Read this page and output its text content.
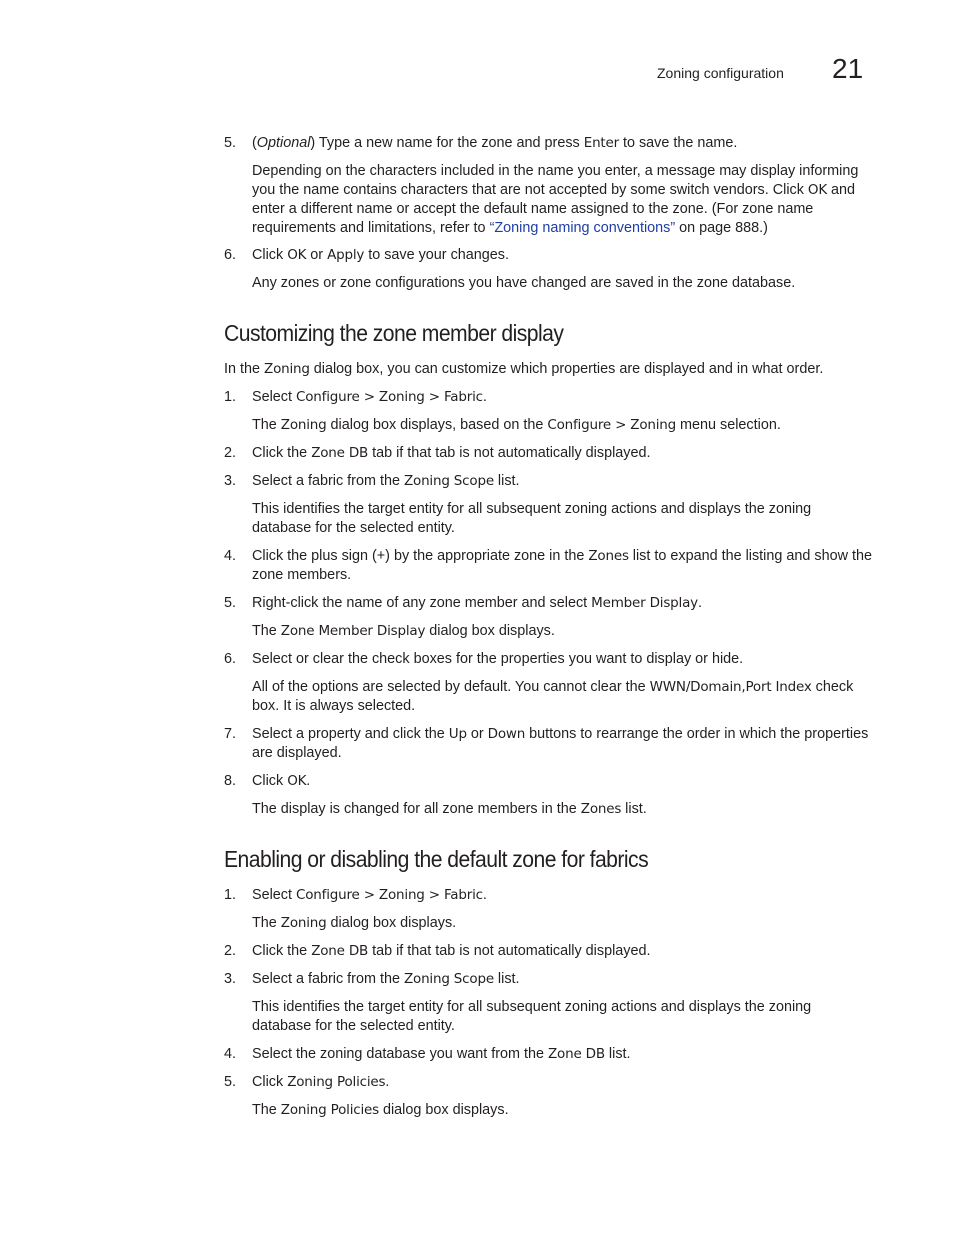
Zoning configuration 21
5. (Optional) Type a new name for the zone and press Enter to save the name.
Depending on the characters included in the name you enter, a message may display informing you the name contains characters that are not accepted by some switch vendors. Click OK and enter a different name or accept the default name assigned to the zone. (For zone name requirements and limitations, refer to “Zoning naming conventions” on page 888.)
6. Click OK or Apply to save your changes.
Any zones or zone configurations you have changed are saved in the zone database.
Customizing the zone member display
In the Zoning dialog box, you can customize which properties are displayed and in what order.
1. Select Configure > Zoning > Fabric.
The Zoning dialog box displays, based on the Configure > Zoning menu selection.
2. Click the Zone DB tab if that tab is not automatically displayed.
3. Select a fabric from the Zoning Scope list.
This identifies the target entity for all subsequent zoning actions and displays the zoning database for the selected entity.
4. Click the plus sign (+) by the appropriate zone in the Zones list to expand the listing and show the zone members.
5. Right-click the name of any zone member and select Member Display.
The Zone Member Display dialog box displays.
6. Select or clear the check boxes for the properties you want to display or hide.
All of the options are selected by default. You cannot clear the WWN/Domain,Port Index check box. It is always selected.
7. Select a property and click the Up or Down buttons to rearrange the order in which the properties are displayed.
8. Click OK.
The display is changed for all zone members in the Zones list.
Enabling or disabling the default zone for fabrics
1. Select Configure > Zoning > Fabric.
The Zoning dialog box displays.
2. Click the Zone DB tab if that tab is not automatically displayed.
3. Select a fabric from the Zoning Scope list.
This identifies the target entity for all subsequent zoning actions and displays the zoning database for the selected entity.
4. Select the zoning database you want from the Zone DB list.
5. Click Zoning Policies.
The Zoning Policies dialog box displays.
